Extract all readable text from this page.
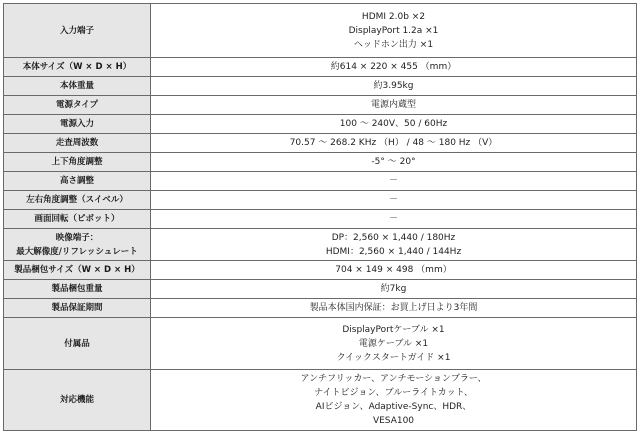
入力端子	HDMI 2.0b ×2
DisplayPort 1.2a ×1
ヘッドホン出力 ×1

本体サイズ（W × D × H）	約614 × 220 × 455 （mm）

本体重量	約3.95kg

電源タイプ	電源内蔵型

電源入力	100 ～ 240V、50 / 60Hz

走査周波数	70.57 ～ 268.2 KHz （H） / 48 ～ 180 Hz （V）

上下角度調整	-5° ～ 20°

高さ調整	－

左右角度調整（スイベル）	－

画面回転（ピボット）	－

映像端子：
最大解像度/リフレッシュレート	DP：2,560 × 1,440 / 180Hz
HDMI：2,560 × 1,440 / 144Hz

製品梱包サイズ（W × D × H）	704 × 149 × 498 （mm）

製品梱包重量	約7kg

製品保証期間	製品本体国内保証：お買上げ日より3年間

付属品	DisplayPortケーブル ×1
電源ケーブル ×1
クイックスタートガイド ×1

対応機能	アンチフリッカー、アンチモーションブラー、
ナイトビジョン、ブルーライトカット、
AIビジョン、Adaptive-Sync、HDR、
VESA100
